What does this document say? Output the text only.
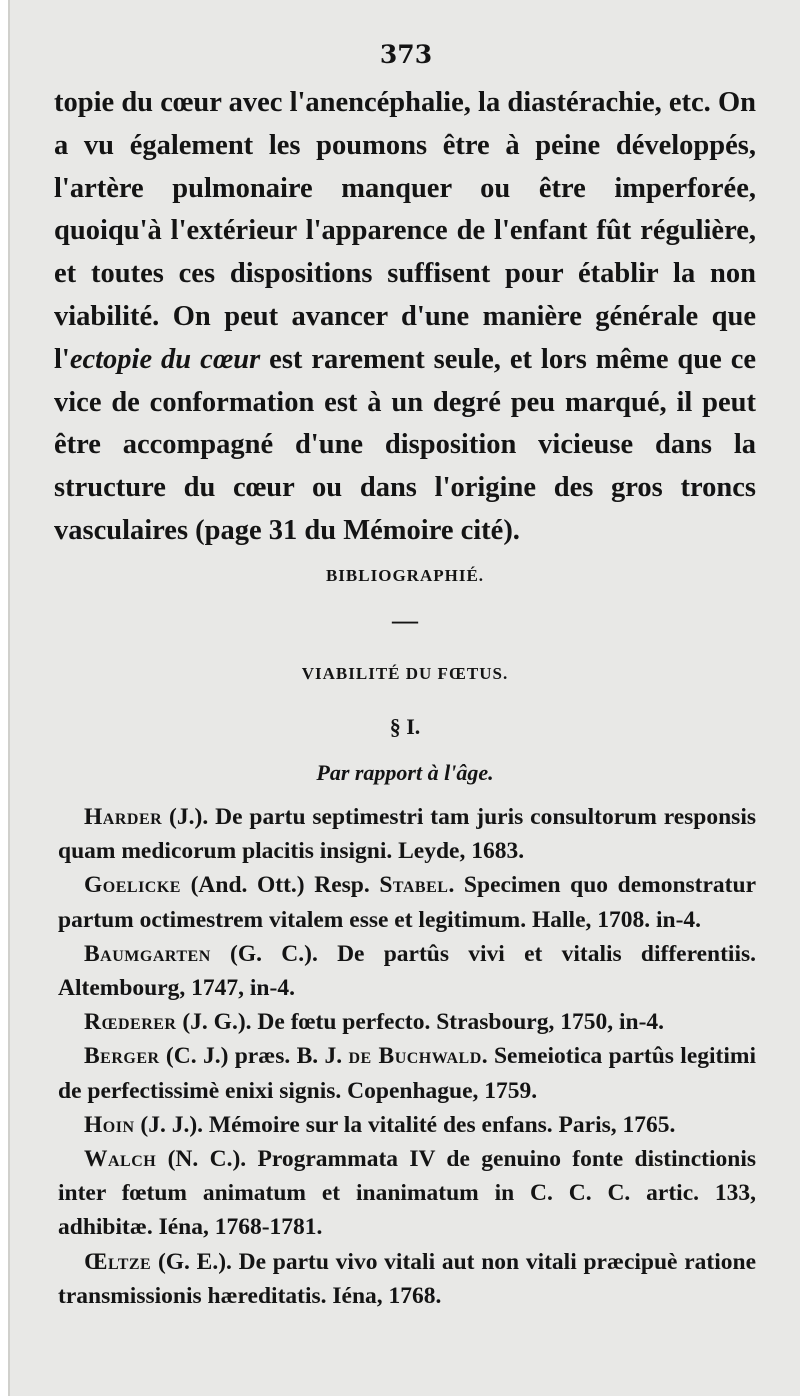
373

topie du cœur avec l'anencéphalie, la diastérachie, etc. On a vu également les poumons être à peine développés, l'artère pulmonaire manquer ou être imperforée, quoiqu'à l'extérieur l'apparence de l'enfant fût régulière, et toutes ces dispositions suffisent pour établir la non viabilité. On peut avancer d'une manière générale que l'ectopie du cœur est rarement seule, et lors même que ce vice de conformation est à un degré peu marqué, il peut être accompagné d'une disposition vicieuse dans la structure du cœur ou dans l'origine des gros troncs vasculaires (page 31 du Mémoire cité).

BIBLIOGRAPHIÉ.
—
VIABILITÉ DU FŒTUS.
§ I.
Par rapport à l'âge.

Harder (J.). De partu septimestri tam juris consultorum responsis quam medicorum placitis insigni. Leyde, 1683.

Goelicke (And. Ott.) Resp. Stabel. Specimen quo demonstratur partum octimestrem vitalem esse et legitimum. Halle, 1708. in-4.

Baumgarten (G. C.). De partûs vivi et vitalis differentiis. Altembourg, 1747, in-4.

Rœderer (J. G.). De fœtu perfecto. Strasbourg, 1750, in-4.

Berger (C. J.) præs. B. J. de Buchwald. Semeiotica partûs legitimi de perfectissimè enixi signis. Copenhague, 1759.

Hoin (J. J.). Mémoire sur la vitalité des enfans. Paris, 1765.

Walch (N. C.). Programmata IV de genuino fonte distinctionis inter fœtum animatum et inanimatum in C. C. C. artic. 133, adhibitæ. Iéna, 1768-1781.

Œltze (G. E.). De partu vivo vitali aut non vitali præcipuè ratione transmissionis hæreditatis. Iéna, 1768.
